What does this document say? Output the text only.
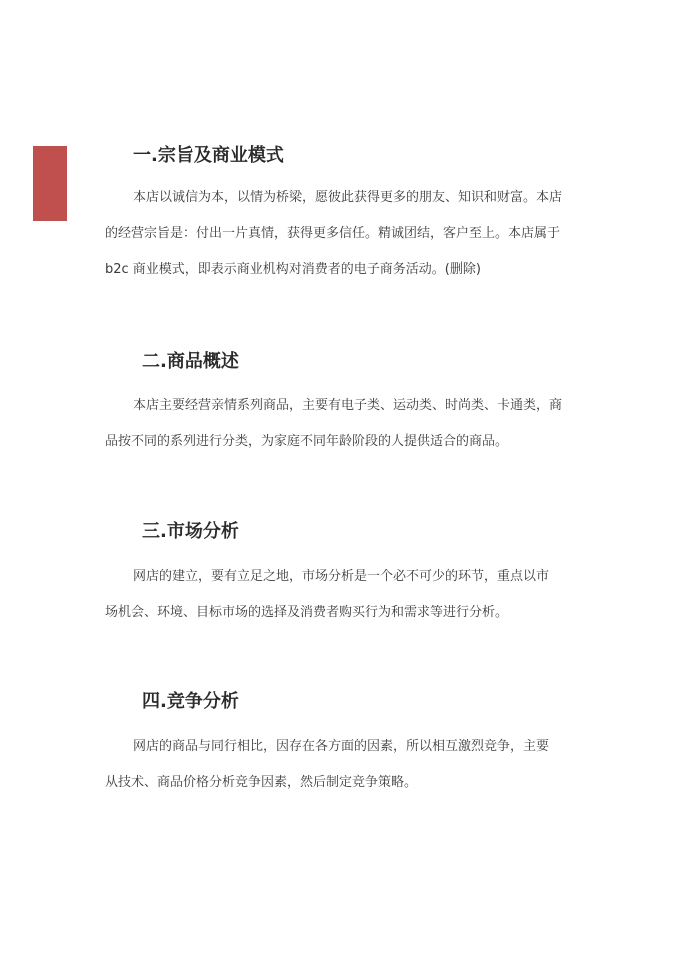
一.宗旨及商业模式
本店以诚信为本，以情为桥梁，愿彼此获得更多的朋友、知识和财富。本店
的经营宗旨是：付出一片真情，获得更多信任。精诚团结，客户至上。本店属于
b2c 商业模式，即表示商业机构对消费者的电子商务活动。(删除)
二.商品概述
本店主要经营亲情系列商品，主要有电子类、运动类、时尚类、卡通类，商
品按不同的系列进行分类，为家庭不同年龄阶段的人提供适合的商品。
三.市场分析
网店的建立，要有立足之地，市场分析是一个必不可少的环节，重点以市
场机会、环境、目标市场的选择及消费者购买行为和需求等进行分析。
四.竞争分析
网店的商品与同行相比，因存在各方面的因素，所以相互激烈竞争，主要
从技术、商品价格分析竞争因素，然后制定竞争策略。
